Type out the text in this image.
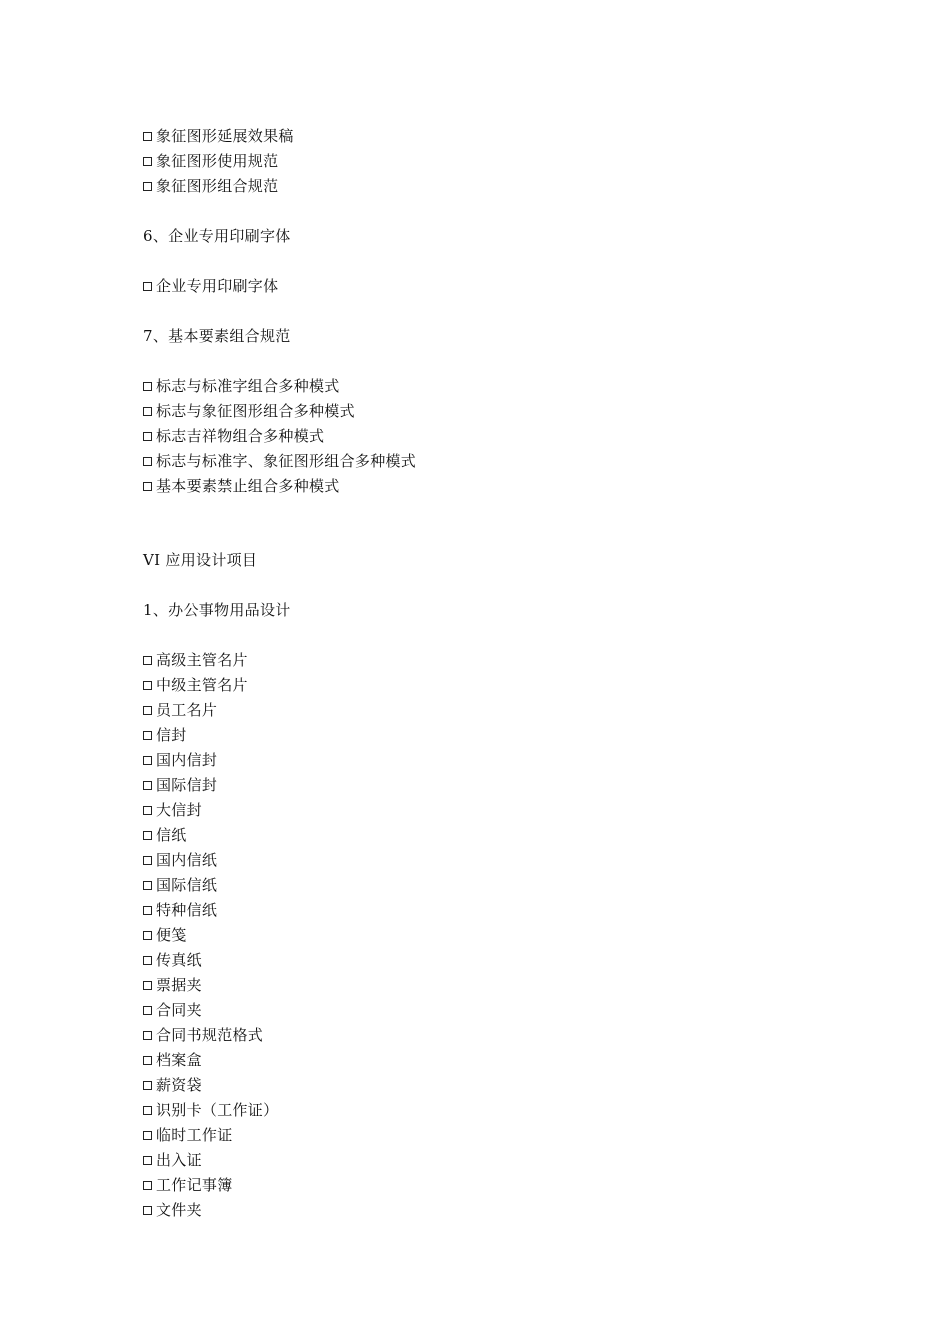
象征图形延展效果稿
象征图形使用规范
象征图形组合规范
6、企业专用印刷字体
企业专用印刷字体
7、基本要素组合规范
标志与标准字组合多种模式
标志与象征图形组合多种模式
标志吉祥物组合多种模式
标志与标准字、象征图形组合多种模式
基本要素禁止组合多种模式
VI 应用设计项目
1、办公事物用品设计
高级主管名片
中级主管名片
员工名片
信封
国内信封
国际信封
大信封
信纸
国内信纸
国际信纸
特种信纸
便笺
传真纸
票据夹
合同夹
合同书规范格式
档案盒
薪资袋
识别卡（工作证）
临时工作证
出入证
工作记事簿
文件夹
